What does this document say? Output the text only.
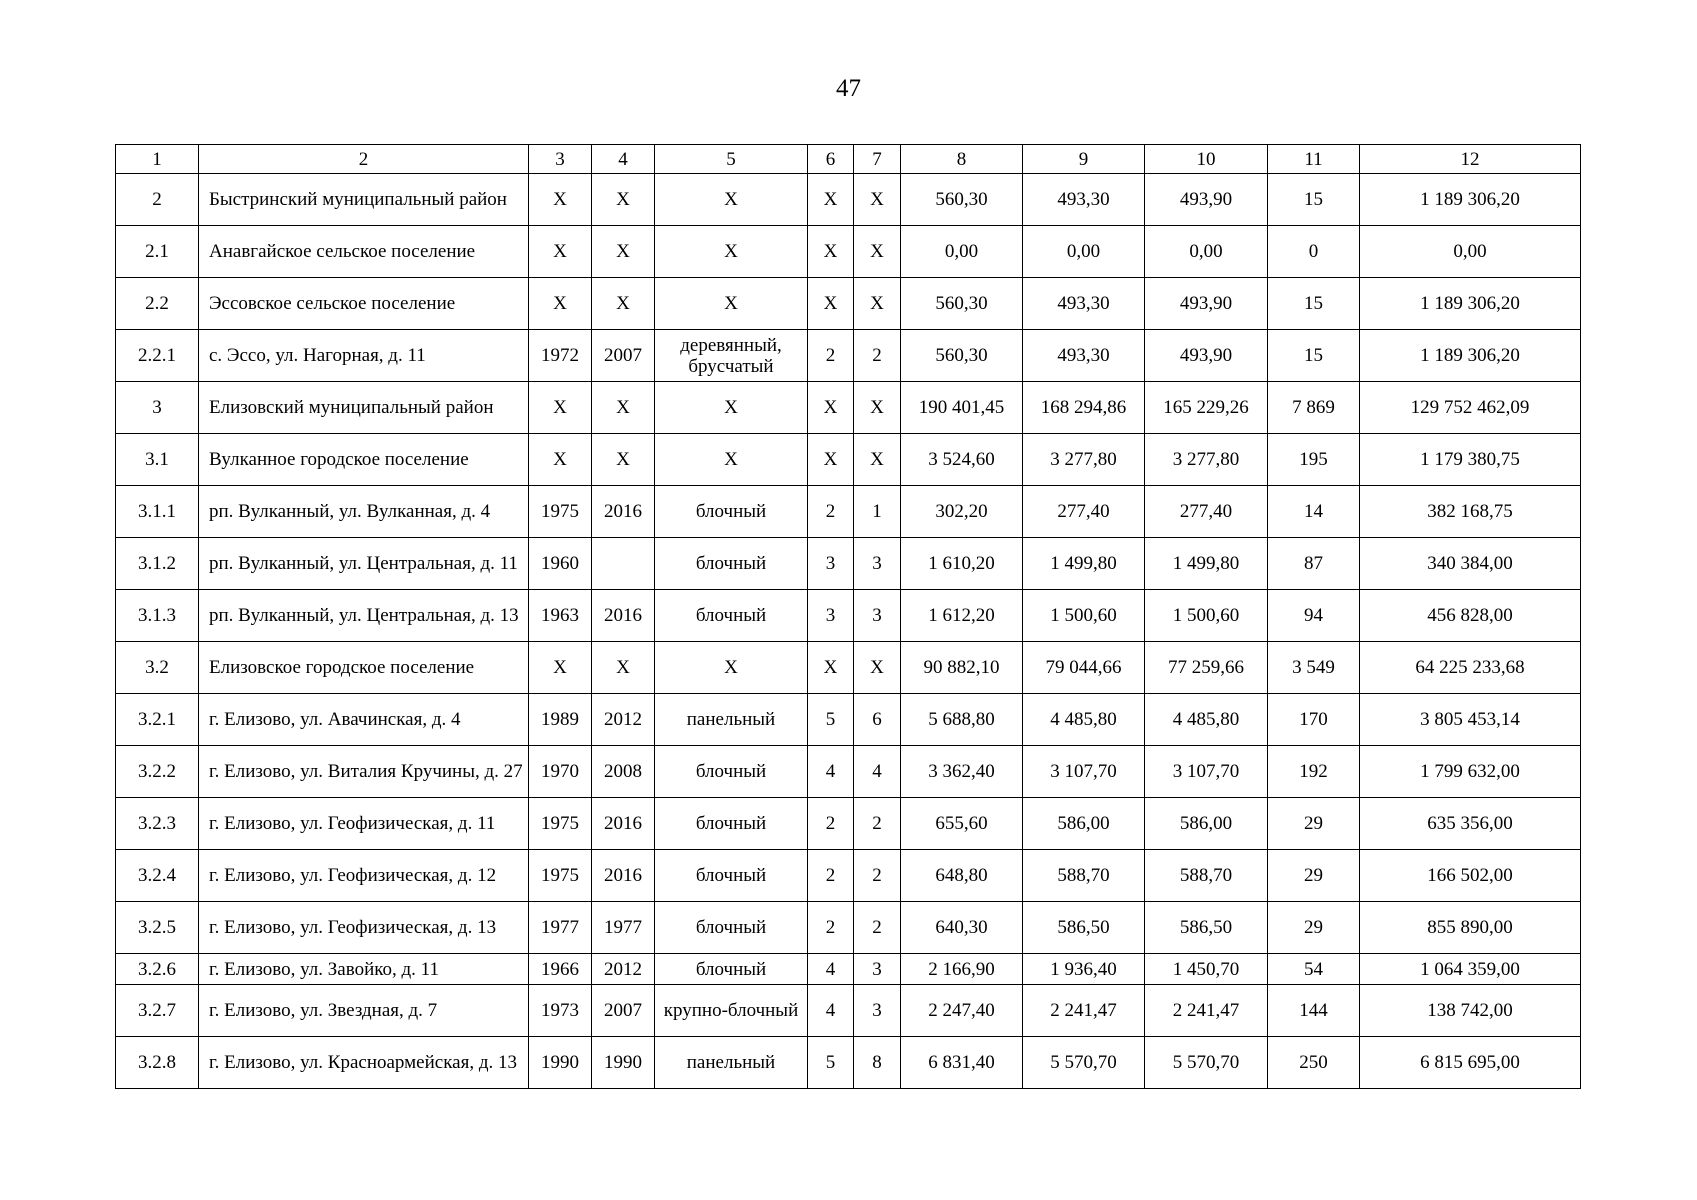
47
1	2	3	4	5	6	7	8	9	10	11	12
2	Быстринский муниципальный район	X	X	X	X	X	560,30	493,30	493,90	15	1 189 306,20
2.1	Анавгайское сельское поселение	X	X	X	X	X	0,00	0,00	0,00	0	0,00
2.2	Эссовское сельское поселение	X	X	X	X	X	560,30	493,30	493,90	15	1 189 306,20
2.2.1	с. Эссо, ул. Нагорная, д. 11	1972	2007	деревянный, брусчатый	2	2	560,30	493,30	493,90	15	1 189 306,20
3	Елизовский муниципальный район	X	X	X	X	X	190 401,45	168 294,86	165 229,26	7 869	129 752 462,09
3.1	Вулканное городское поселение	X	X	X	X	X	3 524,60	3 277,80	3 277,80	195	1 179 380,75
3.1.1	рп. Вулканный, ул. Вулканная, д. 4	1975	2016	блочный	2	1	302,20	277,40	277,40	14	382 168,75
3.1.2	рп. Вулканный, ул. Центральная, д. 11	1960		блочный	3	3	1 610,20	1 499,80	1 499,80	87	340 384,00
3.1.3	рп. Вулканный, ул. Центральная, д. 13	1963	2016	блочный	3	3	1 612,20	1 500,60	1 500,60	94	456 828,00
3.2	Елизовское городское поселение	X	X	X	X	X	90 882,10	79 044,66	77 259,66	3 549	64 225 233,68
3.2.1	г. Елизово, ул. Авачинская, д. 4	1989	2012	панельный	5	6	5 688,80	4 485,80	4 485,80	170	3 805 453,14
3.2.2	г. Елизово, ул. Виталия Кручины, д. 27	1970	2008	блочный	4	4	3 362,40	3 107,70	3 107,70	192	1 799 632,00
3.2.3	г. Елизово, ул. Геофизическая, д. 11	1975	2016	блочный	2	2	655,60	586,00	586,00	29	635 356,00
3.2.4	г. Елизово, ул. Геофизическая, д. 12	1975	2016	блочный	2	2	648,80	588,70	588,70	29	166 502,00
3.2.5	г. Елизово, ул. Геофизическая, д. 13	1977	1977	блочный	2	2	640,30	586,50	586,50	29	855 890,00
3.2.6	г. Елизово, ул. Завойко, д. 11	1966	2012	блочный	4	3	2 166,90	1 936,40	1 450,70	54	1 064 359,00
3.2.7	г. Елизово, ул. Звездная, д. 7	1973	2007	крупно-блочный	4	3	2 247,40	2 241,47	2 241,47	144	138 742,00
3.2.8	г. Елизово, ул. Красноармейская, д. 13	1990	1990	панельный	5	8	6 831,40	5 570,70	5 570,70	250	6 815 695,00
